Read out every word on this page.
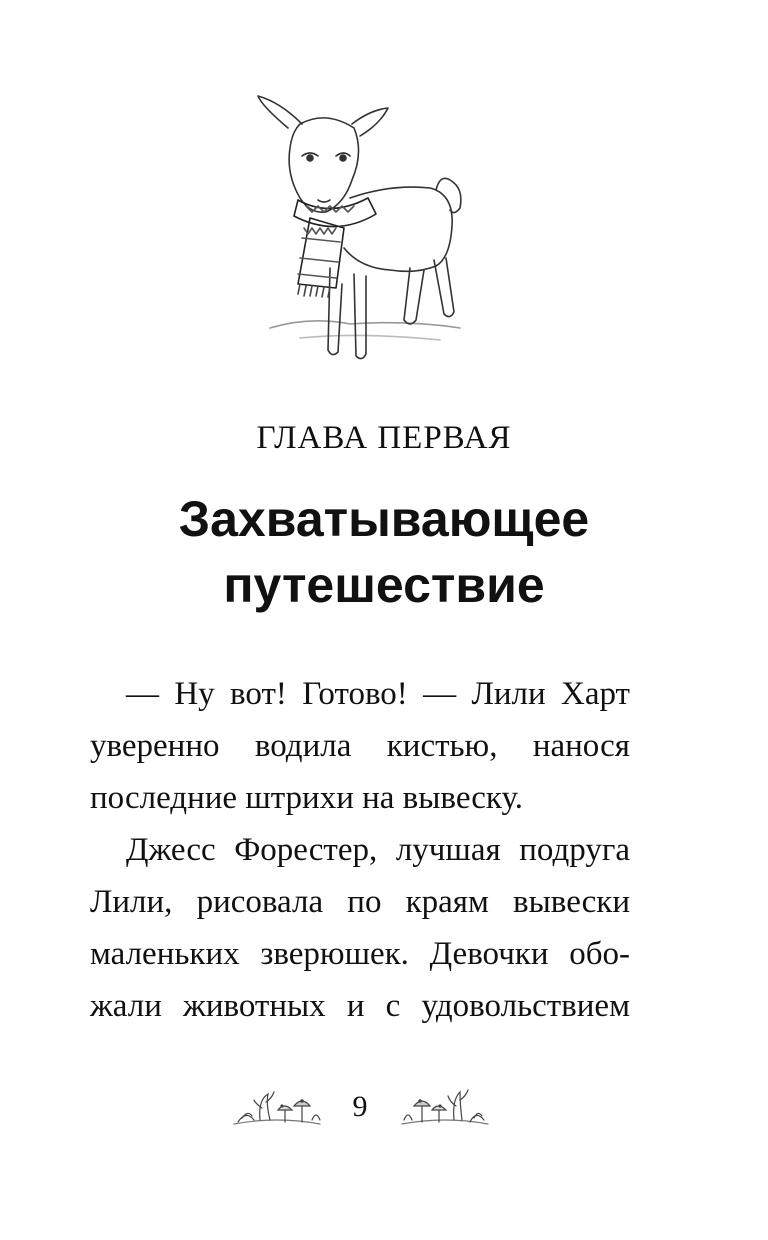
ГЛАВА ПЕРВАЯ
Захватывающее
путешествие
— Ну вот! Готово! — Лили Харт
уверенно водила кистью, нанося
последние штрихи на вывеску.
Джесс Форестер, лучшая подруга
Лили, рисовала по краям вывески
маленьких зверюшек. Девочки обо-
жали животных и с удовольствием
9
